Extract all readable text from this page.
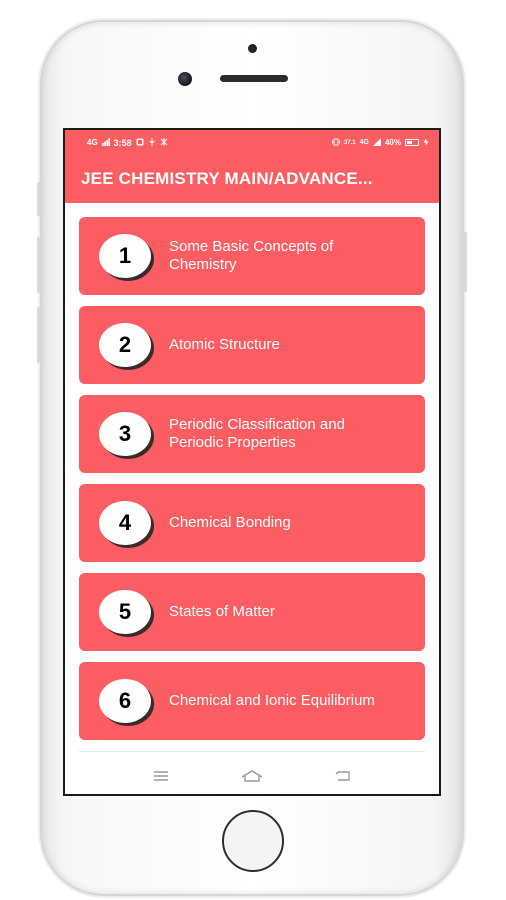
4G 3:58	37.1 4G 40%
JEE CHEMISTRY MAIN/ADVANCE...
1	Some Basic Concepts of Chemistry
2	Atomic Structure
3	Periodic Classification and Periodic Properties
4	Chemical Bonding
5	States of Matter
6	Chemical and Ionic Equilibrium
